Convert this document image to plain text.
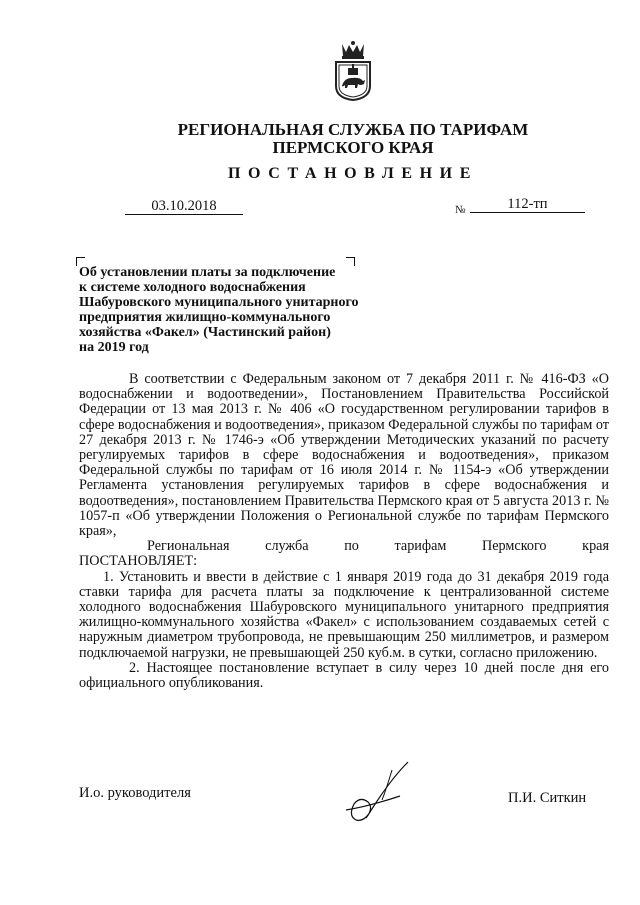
РЕГИОНАЛЬНАЯ СЛУЖБА ПО ТАРИФАМ
ПЕРМСКОГО КРАЯ
ПОСТАНОВЛЕНИЕ
03.10.2018	№	112-тп
Об установлении платы за подключение
к системе холодного водоснабжения
Шабуровского муниципального унитарного
предприятия жилищно-коммунального
хозяйства «Факел» (Частинский район)
на 2019 год

В соответствии с Федеральным законом от 7 декабря 2011 г. № 416-ФЗ «О водоснабжении и водоотведении», Постановлением Правительства Российской Федерации от 13 мая 2013 г. № 406 «О государственном регулировании тарифов в сфере водоснабжения и водоотведения», приказом Федеральной службы по тарифам от 27 декабря 2013 г. № 1746-э «Об утверждении Методических указаний по расчету регулируемых тарифов в сфере водоснабжения и водоотведения», приказом Федеральной службы по тарифам от 16 июля 2014 г. № 1154-э «Об утверждении Регламента установления регулируемых тарифов в сфере водоснабжения и водоотведения», постановлением Правительства Пермского края от 5 августа 2013 г. № 1057-п «Об утверждении Положения о Региональной службе по тарифам Пермского края»,

Региональная	служба	по	тарифам	Пермского	края

ПОСТАНОВЛЯЕТ:

1. Установить и ввести в действие с 1 января 2019 года до 31 декабря 2019 года ставки тарифа для расчета платы за подключение к централизованной системе холодного водоснабжения Шабуровского муниципального унитарного предприятия жилищно-коммунального хозяйства «Факел» с использованием создаваемых сетей с наружным диаметром трубопровода, не превышающим 250 миллиметров, и размером подключаемой нагрузки, не превышающей 250 куб.м. в сутки, согласно приложению.

2. Настоящее постановление вступает в силу через 10 дней после дня его официального опубликования.

И.о. руководителя	П.И. Ситкин
